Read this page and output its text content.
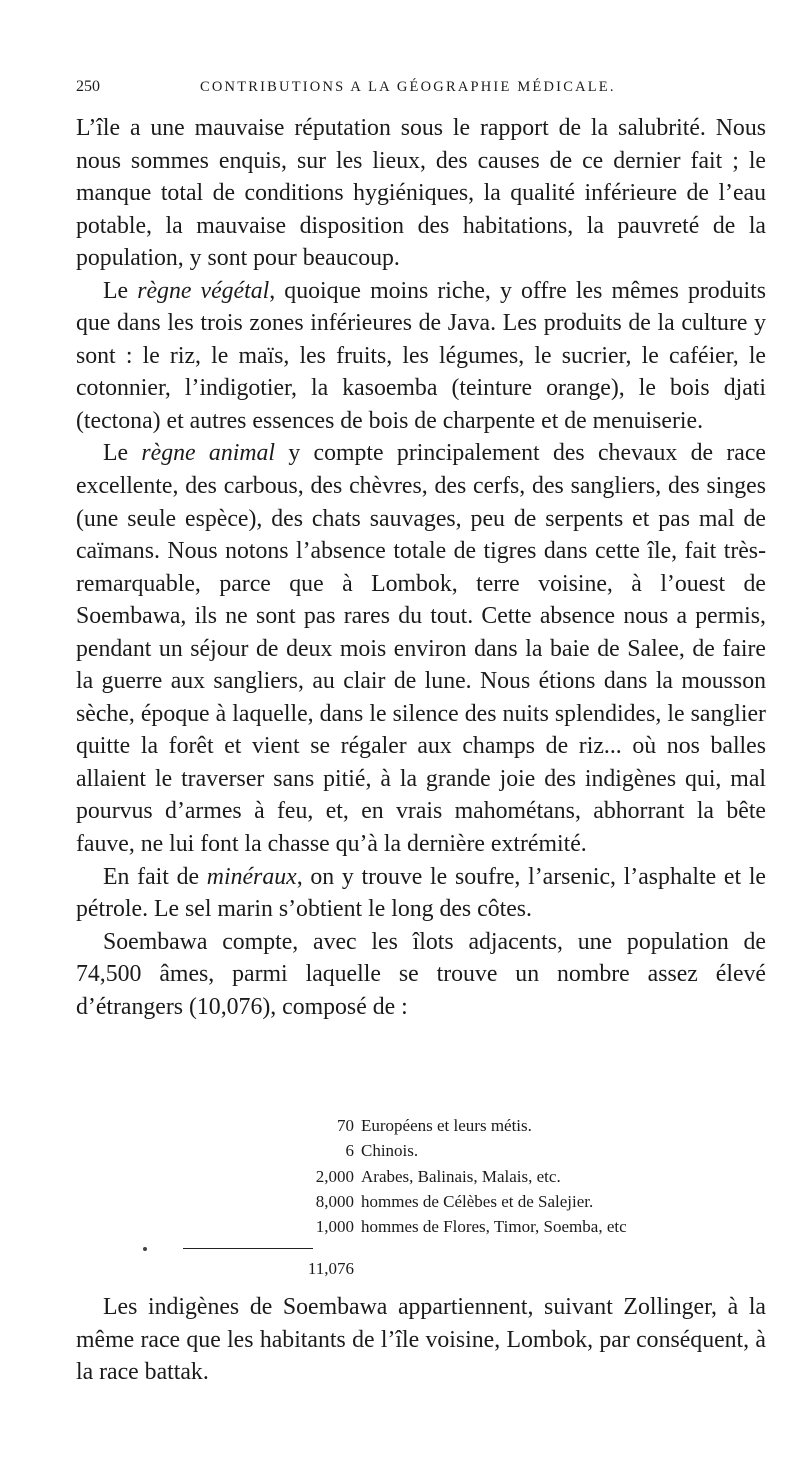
250	CONTRIBUTIONS A LA GÉOGRAPHIE MÉDICALE.

L’île a une mauvaise réputation sous le rapport de la salubrité. Nous nous sommes enquis, sur les lieux, des causes de ce dernier fait ; le manque total de conditions hygiéniques, la qualité inférieure de l’eau potable, la mauvaise disposition des habitations, la pauvreté de la population, y sont pour beaucoup.

Le règne végétal, quoique moins riche, y offre les mêmes produits que dans les trois zones inférieures de Java. Les produits de la culture y sont : le riz, le maïs, les fruits, les légumes, le sucrier, le caféier, le cotonnier, l’indigotier, la kasoemba (teinture orange), le bois djati (tectona) et autres essences de bois de charpente et de menuiserie.

Le règne animal y compte principalement des chevaux de race excellente, des carbous, des chèvres, des cerfs, des sangliers, des singes (une seule espèce), des chats sauvages, peu de serpents et pas mal de caïmans. Nous notons l’absence totale de tigres dans cette île, fait très-remarquable, parce que à Lombok, terre voisine, à l’ouest de Soembawa, ils ne sont pas rares du tout. Cette absence nous a permis, pendant un séjour de deux mois environ dans la baie de Salee, de faire la guerre aux sangliers, au clair de lune. Nous étions dans la mousson sèche, époque à laquelle, dans le silence des nuits splendides, le sanglier quitte la forêt et vient se régaler aux champs de riz... où nos balles allaient le traverser sans pitié, à la grande joie des indigènes qui, mal pourvus d’armes à feu, et, en vrais mahométans, abhorrant la bête fauve, ne lui font la chasse qu’à la dernière extrémité.

En fait de minéraux, on y trouve le soufre, l’arsenic, l’asphalte et le pétrole. Le sel marin s’obtient le long des côtes.

Soembawa compte, avec les îlots adjacents, une population de 74,500 âmes, parmi laquelle se trouve un nombre assez élevé d’étrangers (10,076), composé de :

70 Européens et leurs métis.
6 Chinois.
2,000 Arabes, Balinais, Malais, etc.
8,000 hommes de Célèbes et de Salejier.
1,000 hommes de Flores, Timor, Soemba, etc
11,076

Les indigènes de Soembawa appartiennent, suivant Zollinger, à la même race que les habitants de l’île voisine, Lombok, par conséquent, à la race battak.
